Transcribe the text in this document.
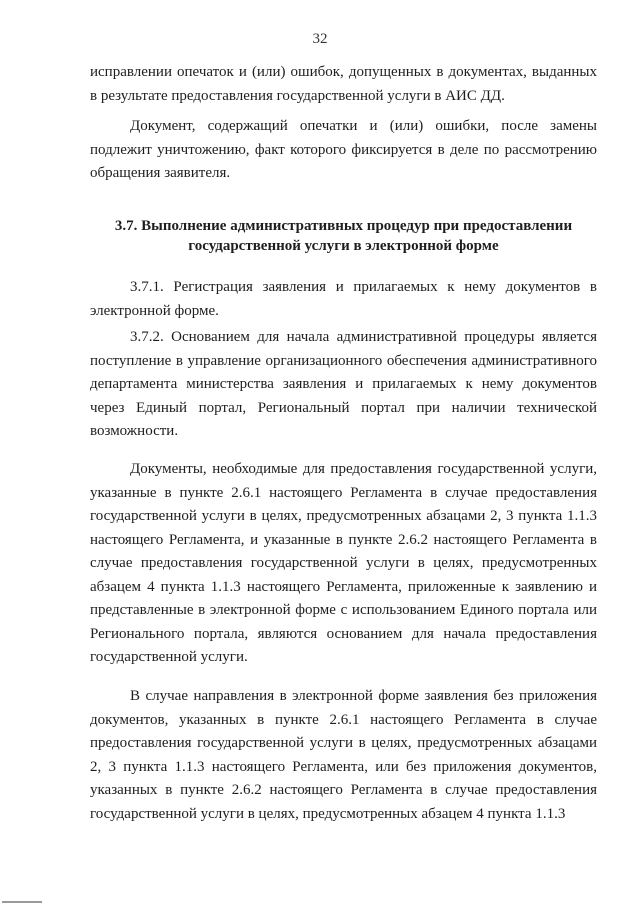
32

исправлении опечаток и (или) ошибок, допущенных в документах, выданных в результате предоставления государственной услуги в АИС ДД.

Документ, содержащий опечатки и (или) ошибки, после замены подлежит уничтожению, факт которого фиксируется в деле по рассмотрению обращения заявителя.

3.7. Выполнение административных процедур при предоставлении государственной услуги в электронной форме

3.7.1. Регистрация заявления и прилагаемых к нему документов в электронной форме.

3.7.2. Основанием для начала административной процедуры является поступление в управление организационного обеспечения административного департамента министерства заявления и прилагаемых к нему документов через Единый портал, Региональный портал при наличии технической возможности.

Документы, необходимые для предоставления государственной услуги, указанные в пункте 2.6.1 настоящего Регламента в случае предоставления государственной услуги в целях, предусмотренных абзацами 2, 3 пункта 1.1.3 настоящего Регламента, и указанные в пункте 2.6.2 настоящего Регламента в случае предоставления государственной услуги в целях, предусмотренных абзацем 4 пункта 1.1.3 настоящего Регламента, приложенные к заявлению и представленные в электронной форме с использованием Единого портала или Регионального портала, являются основанием для начала предоставления государственной услуги.

В случае направления в электронной форме заявления без приложения документов, указанных в пункте 2.6.1 настоящего Регламента в случае предоставления государственной услуги в целях, предусмотренных абзацами 2, 3 пункта 1.1.3 настоящего Регламента, или без приложения документов, указанных в пункте 2.6.2 настоящего Регламента в случае предоставления государственной услуги в целях, предусмотренных абзацем 4 пункта 1.1.3
